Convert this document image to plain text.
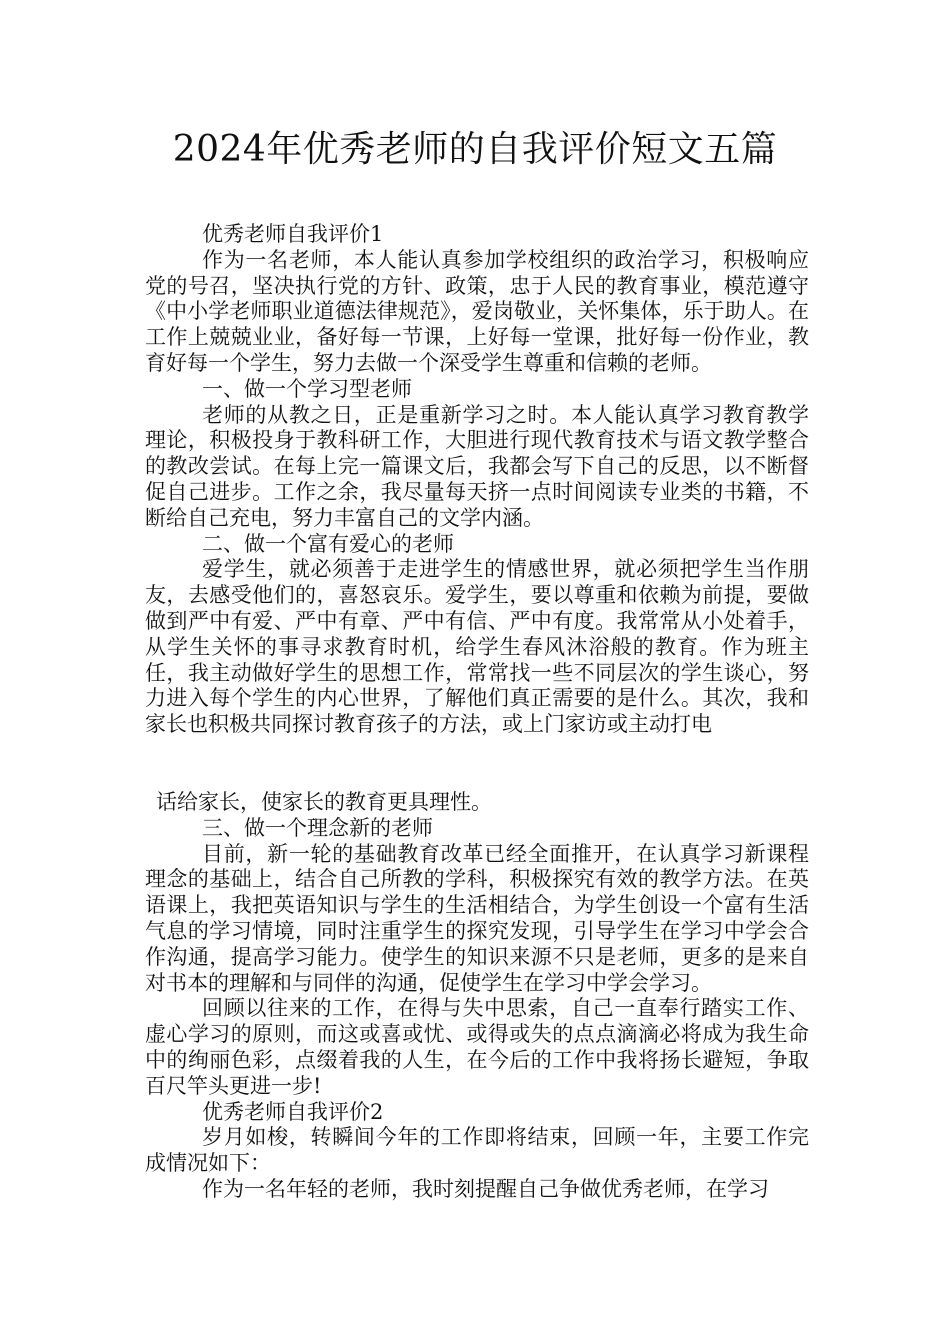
2024年优秀老师的自我评价短文五篇

优秀老师自我评价1

作为一名老师，本人能认真参加学校组织的政治学习，积极响应党的号召，坚决执行党的方针、政策，忠于人民的教育事业，模范遵守《中小学老师职业道德法律规范》，爱岗敬业，关怀集体，乐于助人。在工作上兢兢业业，备好每一节课，上好每一堂课，批好每一份作业，教育好每一个学生，努力去做一个深受学生尊重和信赖的老师。

一、做一个学习型老师

老师的从教之日，正是重新学习之时。本人能认真学习教育教学理论，积极投身于教科研工作，大胆进行现代教育技术与语文教学整合的教改尝试。在每上完一篇课文后，我都会写下自己的反思，以不断督促自己进步。工作之余，我尽量每天挤一点时间阅读专业类的书籍，不断给自己充电，努力丰富自己的文学内涵。

二、做一个富有爱心的老师

爱学生，就必须善于走进学生的情感世界，就必须把学生当作朋友，去感受他们的，喜怒哀乐。爱学生，要以尊重和依赖为前提，要做做到严中有爱、严中有章、严中有信、严中有度。我常常从小处着手，从学生关怀的事寻求教育时机，给学生春风沐浴般的教育。作为班主任，我主动做好学生的思想工作，常常找一些不同层次的学生谈心，努力进入每个学生的内心世界，了解他们真正需要的是什么。其次，我和家长也积极共同探讨教育孩子的方法，或上门家访或主动打电

话给家长，使家长的教育更具理性。

三、做一个理念新的老师

目前，新一轮的基础教育改革已经全面推开，在认真学习新课程理念的基础上，结合自己所教的学科，积极探究有效的教学方法。在英语课上，我把英语知识与学生的生活相结合，为学生创设一个富有生活气息的学习情境，同时注重学生的探究发现，引导学生在学习中学会合作沟通，提高学习能力。使学生的知识来源不只是老师，更多的是来自对书本的理解和与同伴的沟通，促使学生在学习中学会学习。

回顾以往来的工作，在得与失中思索，自己一直奉行踏实工作、虚心学习的原则，而这或喜或忧、或得或失的点点滴滴必将成为我生命中的绚丽色彩，点缀着我的人生，在今后的工作中我将扬长避短，争取百尺竿头更进一步!

优秀老师自我评价2

岁月如梭，转瞬间今年的工作即将结束，回顾一年，主要工作完成情况如下：

作为一名年轻的老师，我时刻提醒自己争做优秀老师，在学习
